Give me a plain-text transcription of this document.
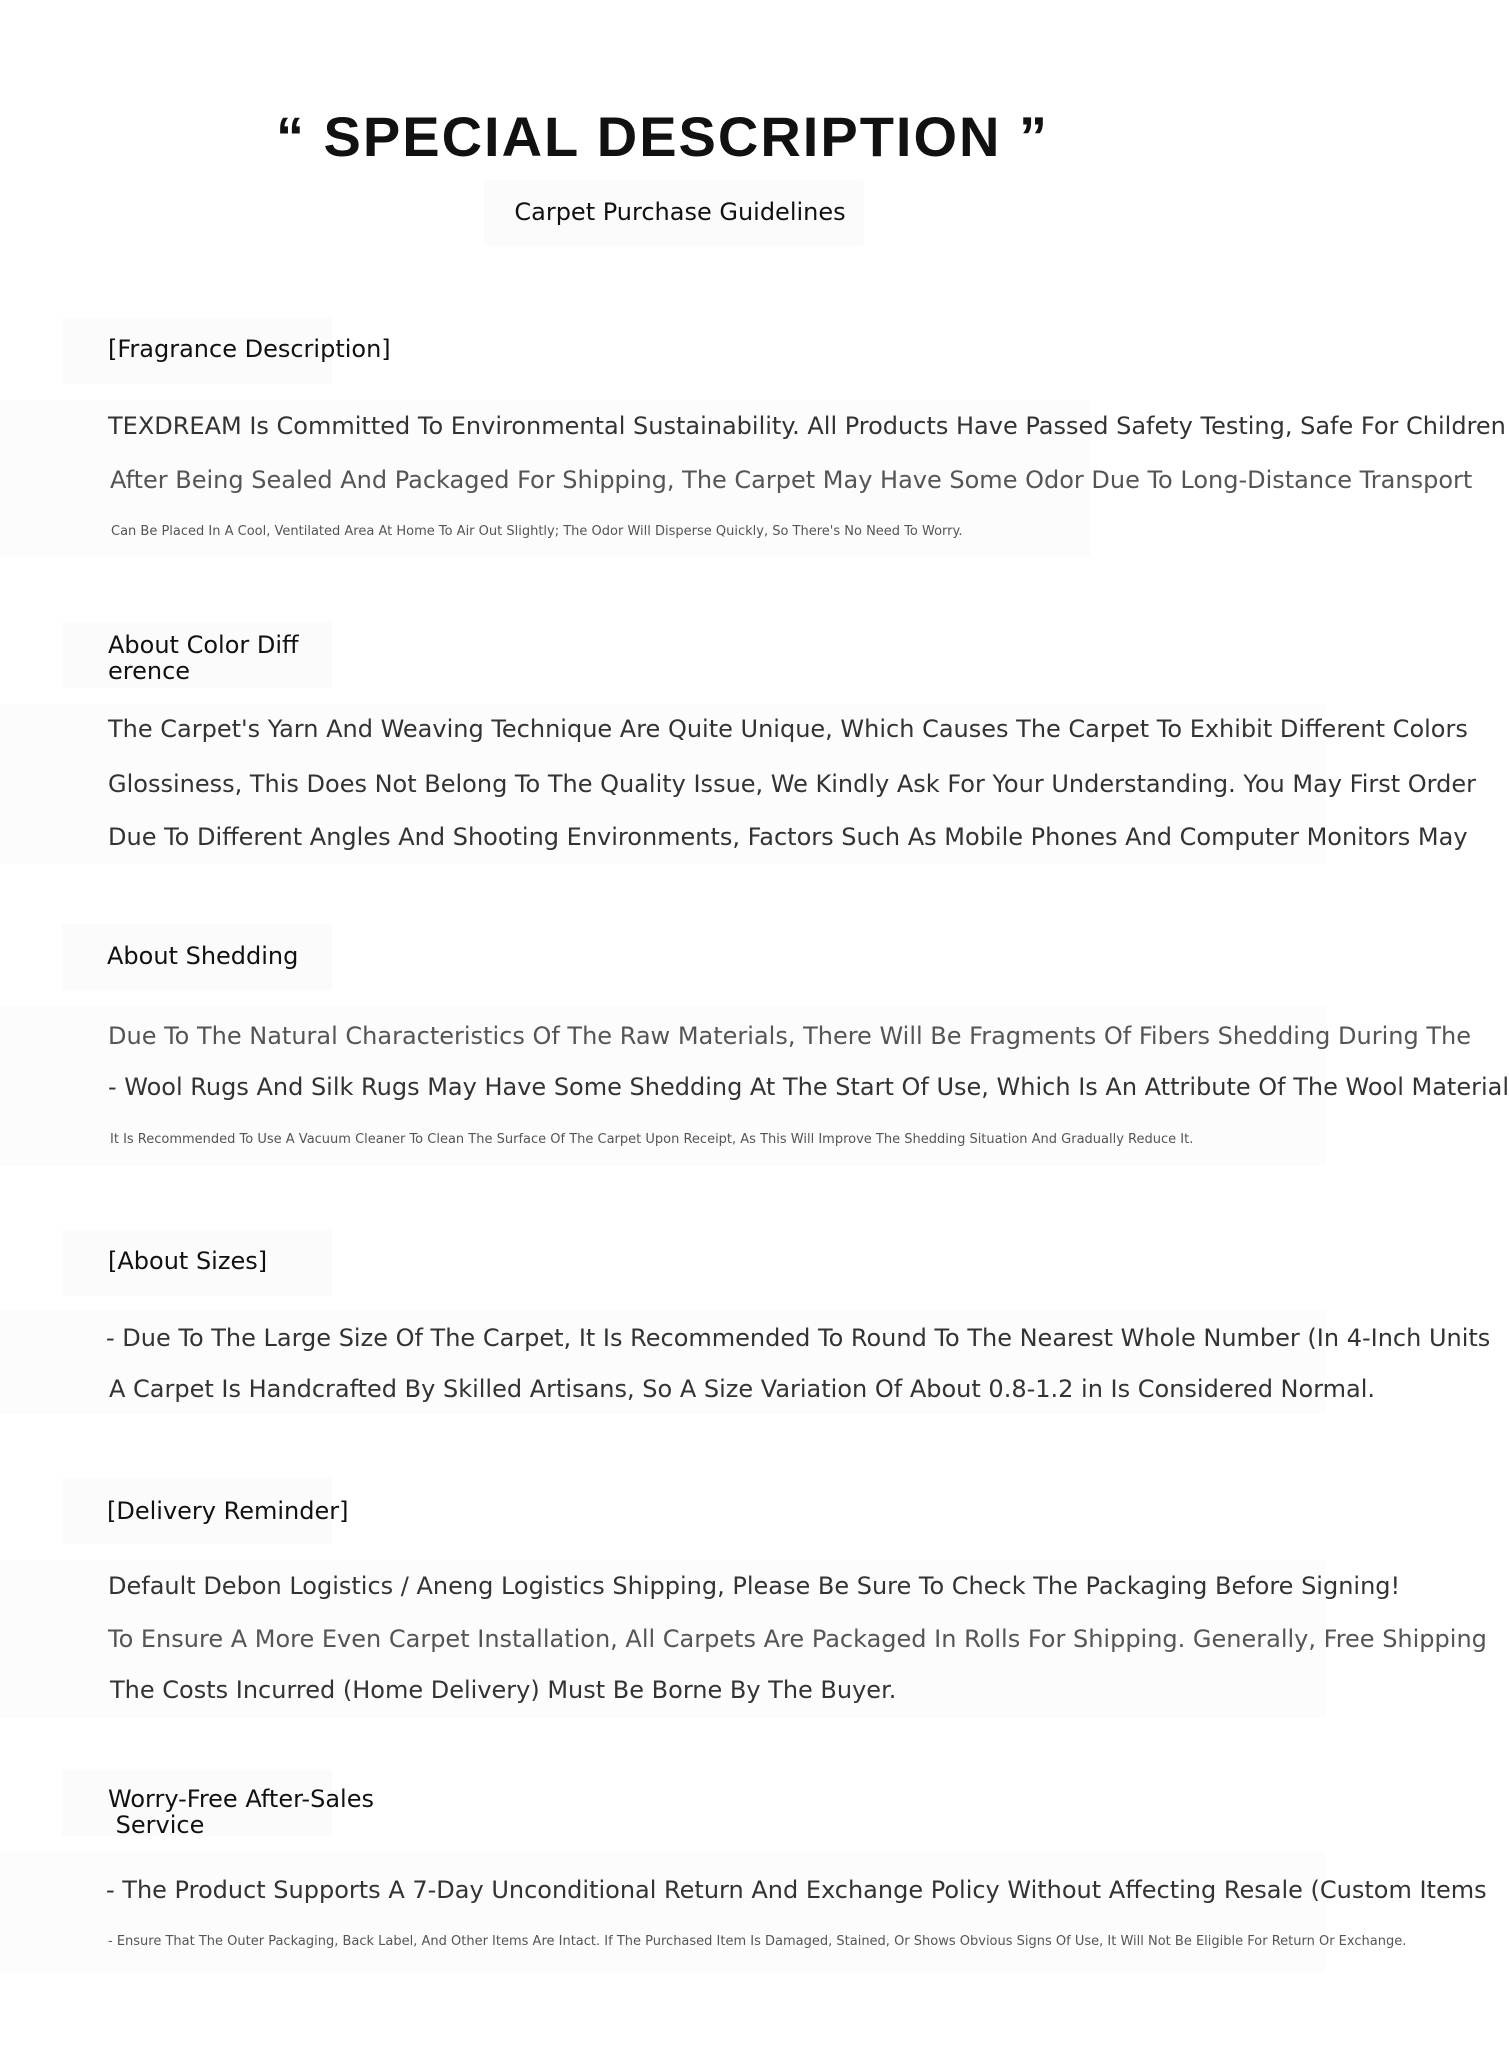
“ SPECIAL DESCRIPTION ”
Carpet Purchase Guidelines
[Fragrance Description]
TEXDREAM Is Committed To Environmental Sustainability. All Products Have Passed Safety Testing, Safe For Children
After Being Sealed And Packaged For Shipping, The Carpet May Have Some Odor Due To Long-Distance Transport
Can Be Placed In A Cool, Ventilated Area At Home To Air Out Slightly; The Odor Will Disperse Quickly, So There's No Need To Worry.
About Color Diff
erence
The Carpet's Yarn And Weaving Technique Are Quite Unique, Which Causes The Carpet To Exhibit Different Colors
Glossiness, This Does Not Belong To The Quality Issue, We Kindly Ask For Your Understanding. You May First Order
Due To Different Angles And Shooting Environments, Factors Such As Mobile Phones And Computer Monitors May
About Shedding
Due To The Natural Characteristics Of The Raw Materials, There Will Be Fragments Of Fibers Shedding During The
- Wool Rugs And Silk Rugs May Have Some Shedding At The Start Of Use, Which Is An Attribute Of The Wool Material
It Is Recommended To Use A Vacuum Cleaner To Clean The Surface Of The Carpet Upon Receipt, As This Will Improve The Shedding Situation And Gradually Reduce It.
[About Sizes]
- Due To The Large Size Of The Carpet, It Is Recommended To Round To The Nearest Whole Number (In 4-Inch Units
A Carpet Is Handcrafted By Skilled Artisans, So A Size Variation Of About 0.8-1.2 in Is Considered Normal.
[Delivery Reminder]
Default Debon Logistics / Aneng Logistics Shipping, Please Be Sure To Check The Packaging Before Signing!
To Ensure A More Even Carpet Installation, All Carpets Are Packaged In Rolls For Shipping. Generally, Free Shipping
The Costs Incurred (Home Delivery) Must Be Borne By The Buyer.
Worry-Free After-Sales
Service
- The Product Supports A 7-Day Unconditional Return And Exchange Policy Without Affecting Resale (Custom Items
- Ensure That The Outer Packaging, Back Label, And Other Items Are Intact. If The Purchased Item Is Damaged, Stained, Or Shows Obvious Signs Of Use, It Will Not Be Eligible For Return Or Exchange.
